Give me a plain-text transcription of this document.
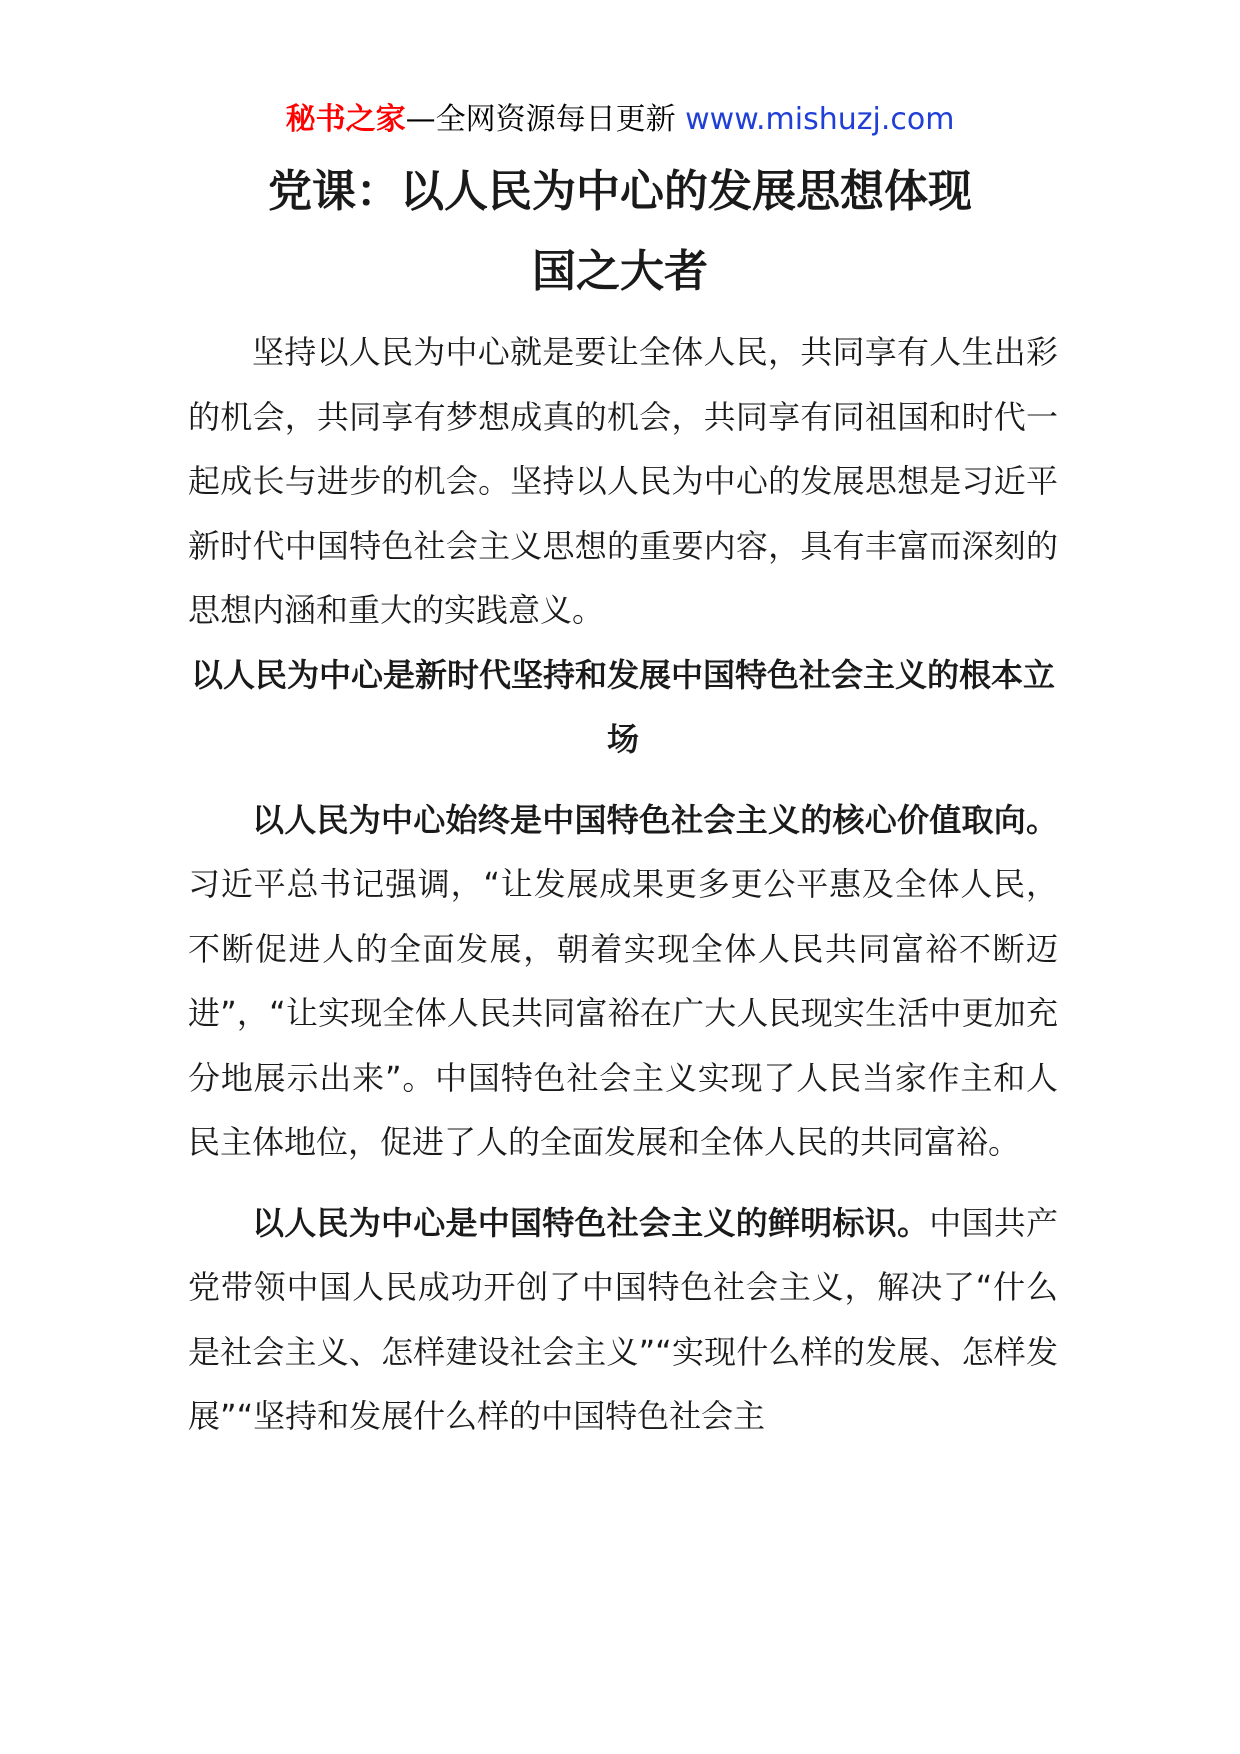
秘书之家—全网资源每日更新 www.mishuzj.com
党课：以人民为中心的发展思想体现
国之大者

坚持以人民为中心就是要让全体人民，共同享有人生出彩的机会，共同享有梦想成真的机会，共同享有同祖国和时代一起成长与进步的机会。坚持以人民为中心的发展思想是习近平新时代中国特色社会主义思想的重要内容，具有丰富而深刻的思想内涵和重大的实践意义。

以人民为中心是新时代坚持和发展中国特色社会主义的根本立场

以人民为中心始终是中国特色社会主义的核心价值取向。习近平总书记强调，“让发展成果更多更公平惠及全体人民，不断促进人的全面发展，朝着实现全体人民共同富裕不断迈进”，“让实现全体人民共同富裕在广大人民现实生活中更加充分地展示出来”。中国特色社会主义实现了人民当家作主和人民主体地位，促进了人的全面发展和全体人民的共同富裕。

以人民为中心是中国特色社会主义的鲜明标识。中国共产党带领中国人民成功开创了中国特色社会主义，解决了“什么是社会主义、怎样建设社会主义”“实现什么样的发展、怎样发展”“坚持和发展什么样的中国特色社会主
